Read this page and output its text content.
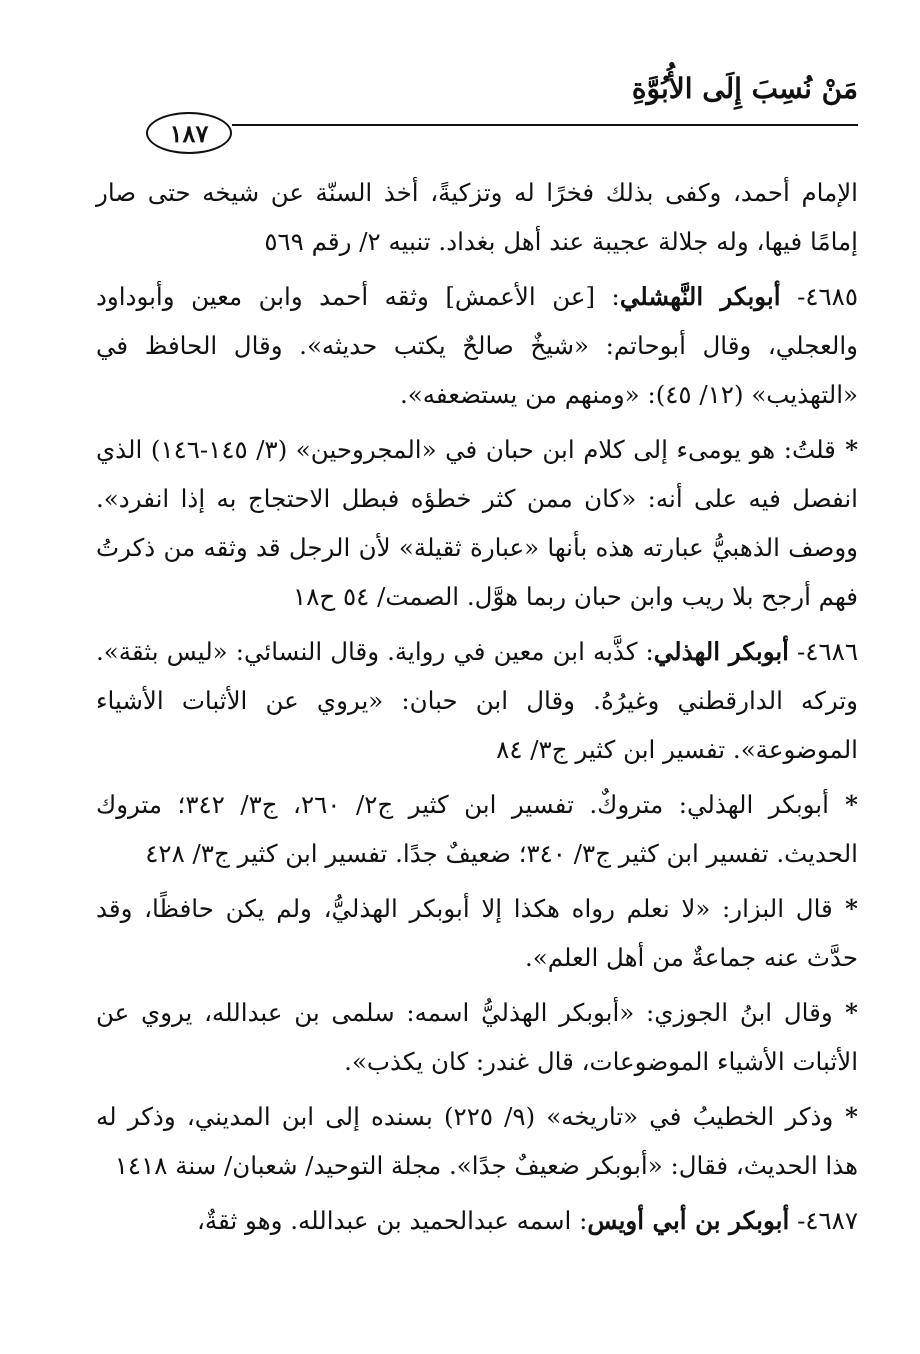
مَنْ نُسِبَ إِلَى الأُبُوَّةِ
١٨٧

الإمام أحمد، وكفى بذلك فخرًا له وتزكيةً، أخذ السنّة عن شيخه حتى صار إمامًا فيها، وله جلالة عجيبة عند أهل بغداد. تنبيه ٢/ رقم ٥٦٩

٤٦٨٥- أبوبكر النَّهشلي: [عن الأعمش] وثقه أحمد وابن معين وأبوداود والعجلي، وقال أبوحاتم: «شيخٌ صالحٌ يكتب حديثه». وقال الحافظ في «التهذيب» (١٢/ ٤٥): «ومنهم من يستضعفه».

* قلتُ: هو يومىء إلى كلام ابن حبان في «المجروحين» (٣/ ١٤٥-١٤٦) الذي انفصل فيه على أنه: «كان ممن كثر خطؤه فبطل الاحتجاج به إذا انفرد». ووصف الذهبيُّ عبارته هذه بأنها «عبارة ثقيلة» لأن الرجل قد وثقه من ذكرتُ فهم أرجح بلا ريب وابن حبان ربما هوَّل. الصمت/ ٥٤ ح١٨

٤٦٨٦- أبوبكر الهذلي: كذَّبه ابن معين في رواية. وقال النسائي: «ليس بثقة». وتركه الدارقطني وغيرُهُ. وقال ابن حبان: «يروي عن الأثبات الأشياء الموضوعة». تفسير ابن كثير ج٣/ ٨٤

* أبوبكر الهذلي: متروكٌ. تفسير ابن كثير ج٢/ ٢٦٠، ج٣/ ٣٤٢؛ متروك الحديث. تفسير ابن كثير ج٣/ ٣٤٠؛ ضعيفٌ جدًا. تفسير ابن كثير ج٣/ ٤٢٨

* قال البزار: «لا نعلم رواه هكذا إلا أبوبكر الهذليُّ، ولم يكن حافظًا، وقد حدَّث عنه جماعةٌ من أهل العلم».

* وقال ابنُ الجوزي: «أبوبكر الهذليُّ اسمه: سلمى بن عبدالله، يروي عن الأثبات الأشياء الموضوعات، قال غندر: كان يكذب».

* وذكر الخطيبُ في «تاريخه» (٩/ ٢٢٥) بسنده إلى ابن المديني، وذكر له هذا الحديث، فقال: «أبوبكر ضعيفٌ جدًا». مجلة التوحيد/ شعبان/ سنة ١٤١٨

٤٦٨٧- أبوبكر بن أبي أويس: اسمه عبدالحميد بن عبدالله. وهو ثقةٌ،
